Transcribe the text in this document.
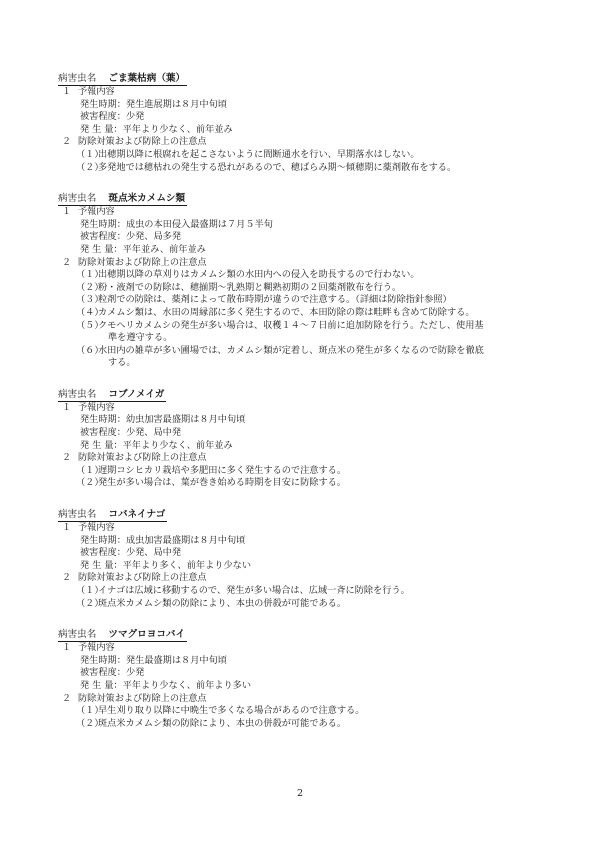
病害虫名 ごま葉枯病（葉）
１ 予報内容
発生時期：発生進展期は８月中旬頃
被害程度：少発
発 生 量：平年より少なく、前年並み
２ 防除対策および防除上の注意点
（１）出穂期以降に根腐れを起こさないように間断通水を行い、早期落水はしない。
（２）多発地では穂枯れの発生する恐れがあるので、穂ばらみ期～傾穂期に薬剤散布をする。
病害虫名 斑点米カメムシ類
１ 予報内容
発生時期：成虫の本田侵入最盛期は７月５半旬
被害程度：少発、局多発
発 生 量：平年並み、前年並み
２ 防除対策および防除上の注意点
（１）出穂期以降の草刈りはカメムシ類の水田内への侵入を助長するので行わない。
（２）粉・液剤での防除は、穂揃期～乳熟期と糊熟初期の２回薬剤散布を行う。
（３）粒剤での防除は、薬剤によって散布時期が違うので注意する。（詳細は防除指針参照）
（４）カメムシ類は、水田の周縁部に多く発生するので、本田防除の際は畦畔も含めて防除する。
（５）クモヘリカメムシの発生が多い場合は、収穫１４～７日前に追加防除を行う。ただし、使用基
準を遵守する。
（６）水田内の雑草が多い圃場では、カメムシ類が定着し、斑点米の発生が多くなるので防除を徹底
する。
病害虫名 コブノメイガ
１ 予報内容
発生時期：幼虫加害最盛期は８月中旬頃
被害程度：少発、局中発
発 生 量：平年より少なく、前年並み
２ 防除対策および防除上の注意点
（１）遅期コシヒカリ栽培や多肥田に多く発生するので注意する。
（２）発生が多い場合は、葉が巻き始める時期を目安に防除する。
病害虫名 コバネイナゴ
１ 予報内容
発生時期：成虫加害最盛期は８月中旬頃
被害程度：少発、局中発
発 生 量：平年より多く、前年より少ない
２ 防除対策および防除上の注意点
（１）イナゴは広域に移動するので、発生が多い場合は、広域一斉に防除を行う。
（２）斑点米カメムシ類の防除により、本虫の併殺が可能である。
病害虫名 ツマグロヨコバイ
１ 予報内容
発生時期：発生最盛期は８月中旬頃
被害程度：少発
発 生 量：平年より少なく、前年より多い
２ 防除対策および防除上の注意点
（１）早生刈り取り以降に中晩生で多くなる場合があるので注意する。
（２）斑点米カメムシ類の防除により、本虫の併殺が可能である。
2
